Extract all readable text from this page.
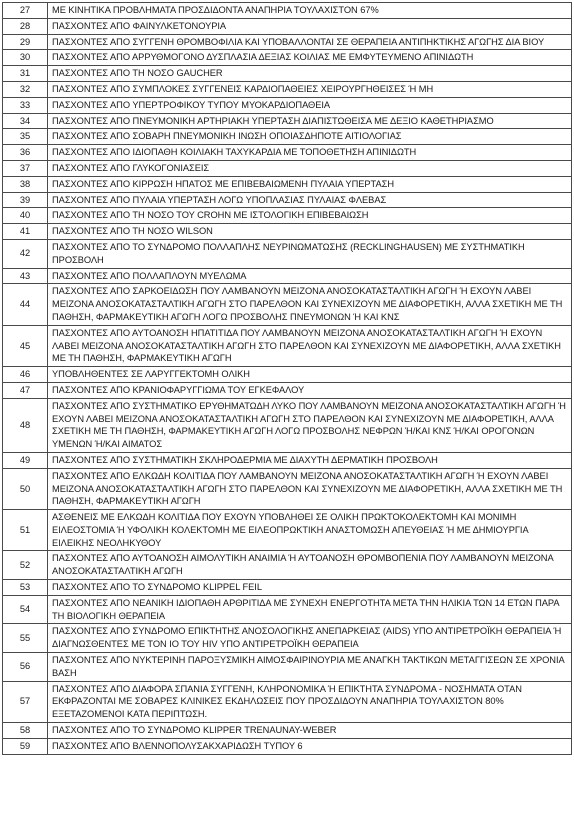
27	ΜΕ ΚΙΝΗΤΙΚΑ ΠΡΟΒΛΗΜΑΤΑ ΠΡΟΣΔΙΔΟΝΤΑ ΑΝΑΠΗΡΙΑ ΤΟΥΛΑΧΙΣΤΟΝ 67%
28	ΠΑΣΧΟΝΤΕΣ ΑΠΟ ΦΑΙΝΥΛΚΕΤΟΝΟΥΡΙΑ
29	ΠΑΣΧΟΝΤΕΣ ΑΠΟ ΣΥΓΓΕΝΗ ΘΡΟΜΒΟΦΙΛΙΑ ΚΑΙ ΥΠΟΒΑΛΛΟΝΤΑΙ ΣΕ ΘΕΡΑΠΕΙΑ ΑΝΤΙΠΗΚΤΙΚΗΣ ΑΓΩΓΗΣ ΔΙΑ ΒΙΟΥ
30	ΠΑΣΧΟΝΤΕΣ ΑΠΟ ΑΡΡΥΘΜΟΓΟΝΟ ΔΥΣΠΛΑΣΙΑ ΔΕΞΙΑΣ ΚΟΙΛΙΑΣ ΜΕ ΕΜΦΥΤΕΥΜΕΝΟ ΑΠΙΝΙΔΩΤΗ
31	ΠΑΣΧΟΝΤΕΣ ΑΠΟ ΤΗ ΝΟΣΟ GAUCHER
32	ΠΑΣΧΟΝΤΕΣ ΑΠΟ ΣΥΜΠΛΟΚΕΣ ΣΥΓΓΕΝΕΙΣ ΚΑΡΔΙΟΠΑΘΕΙΕΣ ΧΕΙΡΟΥΡΓΗΘΕΙΣΕΣ Ή ΜΗ
33	ΠΑΣΧΟΝΤΕΣ ΑΠΟ ΥΠΕΡΤΡΟΦΙΚΟΥ ΤΥΠΟΥ ΜΥΟΚΑΡΔΙΟΠΑΘΕΙΑ
34	ΠΑΣΧΟΝΤΕΣ ΑΠΟ ΠΝΕΥΜΟΝΙΚΗ ΑΡΤΗΡΙΑΚΗ ΥΠΕΡΤΑΣΗ ΔΙΑΠΙΣΤΩΘΕΙΣΑ ΜΕ ΔΕΞΙΟ ΚΑΘΕΤΗΡΙΑΣΜΟ
35	ΠΑΣΧΟΝΤΕΣ ΑΠΟ ΣΟΒΑΡΗ ΠΝΕΥΜΟΝΙΚΗ ΙΝΩΣΗ ΟΠΟΙΑΣΔΗΠΟΤΕ ΑΙΤΙΟΛΟΓΙΑΣ
36	ΠΑΣΧΟΝΤΕΣ ΑΠΟ ΙΔΙΟΠΑΘΗ ΚΟΙΛΙΑΚΗ ΤΑΧΥΚΑΡΔΙΑ ΜΕ ΤΟΠΟΘΕΤΗΣΗ ΑΠΙΝΙΔΩΤΗ
37	ΠΑΣΧΟΝΤΕΣ ΑΠΟ ΓΛΥΚΟΓΟΝΙΑΣΕΙΣ
38	ΠΑΣΧΟΝΤΕΣ ΑΠΟ ΚΙΡΡΩΣΗ ΗΠΑΤΟΣ ΜΕ ΕΠΙΒΕΒΑΙΩΜΕΝΗ ΠΥΛΑΙΑ ΥΠΕΡΤΑΣΗ
39	ΠΑΣΧΟΝΤΕΣ ΑΠΟ ΠΥΛΑΙΑ ΥΠΕΡΤΑΣΗ ΛΟΓΩ ΥΠΟΠΛΑΣΙΑΣ ΠΥΛΑΙΑΣ ΦΛΕΒΑΣ
40	ΠΑΣΧΟΝΤΕΣ ΑΠΟ ΤΗ ΝΟΣΟ ΤΟΥ CROHN ΜΕ ΙΣΤΟΛΟΓΙΚΗ ΕΠΙΒΕΒΑΙΩΣΗ
41	ΠΑΣΧΟΝΤΕΣ ΑΠΟ ΤΗ ΝΟΣΟ WILSON
42	ΠΑΣΧΟΝΤΕΣ ΑΠΟ ΤΟ ΣΥΝΔΡΟΜΟ ΠΟΛΛΑΠΛΗΣ ΝΕΥΡΙΝΩΜΑΤΩΣΗΣ (RECKLINGHAUSEN) ΜΕ ΣΥΣΤΗΜΑΤΙΚΗ ΠΡΟΣΒΟΛΗ
43	ΠΑΣΧΟΝΤΕΣ ΑΠΟ ΠΟΛΛΑΠΛΟΥΝ ΜΥΕΛΩΜΑ
44	ΠΑΣΧΟΝΤΕΣ ΑΠΟ ΣΑΡΚΟΕΙΔΩΣΗ ΠΟΥ ΛΑΜΒΑΝΟΥΝ ΜΕΙΖΟΝΑ ΑΝΟΣΟΚΑΤΑΣΤΑΛΤΙΚΗ ΑΓΩΓΗ Ή ΕΧΟΥΝ ΛΑΒΕΙ ΜΕΙΖΟΝΑ ΑΝΟΣΟΚΑΤΑΣΤΑΛΤΙΚΗ ΑΓΩΓΗ ΣΤΟ ΠΑΡΕΛΘΟΝ ΚΑΙ ΣΥΝΕΧΙΖΟΥΝ ΜΕ ΔΙΑΦΟΡΕΤΙΚΗ, ΑΛΛΑ ΣΧΕΤΙΚΗ ΜΕ ΤΗ ΠΑΘΗΣΗ, ΦΑΡΜΑΚΕΥΤΙΚΗ ΑΓΩΓΗ ΛΟΓΩ ΠΡΟΣΒΟΛΗΣ ΠΝΕΥΜΟΝΩΝ Ή ΚΑΙ ΚΝΣ
45	ΠΑΣΧΟΝΤΕΣ ΑΠΟ ΑΥΤΟΑΝΟΣΗ ΗΠΑΤΙΤΙΔΑ ΠΟΥ ΛΑΜΒΑΝΟΥΝ ΜΕΙΖΟΝΑ ΑΝΟΣΟΚΑΤΑΣΤΑΛΤΙΚΗ ΑΓΩΓΗ Ή ΕΧΟΥΝ ΛΑΒΕΙ ΜΕΙΖΟΝΑ ΑΝΟΣΟΚΑΤΑΣΤΑΛΤΙΚΗ ΑΓΩΓΗ ΣΤΟ ΠΑΡΕΛΘΟΝ ΚΑΙ ΣΥΝΕΧΙΖΟΥΝ ΜΕ ΔΙΑΦΟΡΕΤΙΚΗ, ΑΛΛΑ ΣΧΕΤΙΚΗ ΜΕ ΤΗ ΠΑΘΗΣΗ, ΦΑΡΜΑΚΕΥΤΙΚΗ ΑΓΩΓΗ
46	ΥΠΟΒΛΗΘΕΝΤΕΣ ΣΕ ΛΑΡΥΓΓΕΚΤΟΜΗ ΟΛΙΚΗ
47	ΠΑΣΧΟΝΤΕΣ ΑΠΟ ΚΡΑΝΙΟΦΑΡΥΓΓΙΩΜΑ ΤΟΥ ΕΓΚΕΦΑΛΟΥ
48	ΠΑΣΧΟΝΤΕΣ ΑΠΟ ΣΥΣΤΗΜΑΤΙΚΟ ΕΡΥΘΗΜΑΤΩΔΗ ΛΥΚΟ ΠΟΥ ΛΑΜΒΑΝΟΥΝ ΜΕΙΖΟΝΑ ΑΝΟΣΟΚΑΤΑΣΤΑΛΤΙΚΗ ΑΓΩΓΗ Ή ΕΧΟΥΝ ΛΑΒΕΙ ΜΕΙΖΟΝΑ ΑΝΟΣΟΚΑΤΑΣΤΑΛΤΙΚΗ ΑΓΩΓΗ ΣΤΟ ΠΑΡΕΛΘΟΝ ΚΑΙ ΣΥΝΕΧΙΖΟΥΝ ΜΕ ΔΙΑΦΟΡΕΤΙΚΗ, ΑΛΛΑ ΣΧΕΤΙΚΗ ΜΕ ΤΗ ΠΑΘΗΣΗ, ΦΑΡΜΑΚΕΥΤΙΚΗ ΑΓΩΓΗ ΛΟΓΩ ΠΡΟΣΒΟΛΗΣ ΝΕΦΡΩΝ Ή/ΚΑΙ ΚΝΣ Ή/ΚΑΙ ΟΡΟΓΟΝΩΝ ΥΜΕΝΩΝ Ή/ΚΑΙ ΑΙΜΑΤΟΣ
49	ΠΑΣΧΟΝΤΕΣ ΑΠΟ ΣΥΣΤΗΜΑΤΙΚΗ ΣΚΛΗΡΟΔΕΡΜΙΑ ΜΕ ΔΙΑΧΥΤΗ ΔΕΡΜΑΤΙΚΗ ΠΡΟΣΒΟΛΗ
50	ΠΑΣΧΟΝΤΕΣ ΑΠΟ ΕΛΚΩΔΗ ΚΟΛΙΤΙΔΑ ΠΟΥ ΛΑΜΒΑΝΟΥΝ ΜΕΙΖΟΝΑ ΑΝΟΣΟΚΑΤΑΣΤΑΛΤΙΚΗ ΑΓΩΓΗ Ή ΕΧΟΥΝ ΛΑΒΕΙ ΜΕΙΖΟΝΑ ΑΝΟΣΟΚΑΤΑΣΤΑΛΤΙΚΗ ΑΓΩΓΗ ΣΤΟ ΠΑΡΕΛΘΟΝ ΚΑΙ ΣΥΝΕΧΙΖΟΥΝ ΜΕ ΔΙΑΦΟΡΕΤΙΚΗ, ΑΛΛΑ ΣΧΕΤΙΚΗ ΜΕ ΤΗ ΠΑΘΗΣΗ, ΦΑΡΜΑΚΕΥΤΙΚΗ ΑΓΩΓΗ
51	ΑΣΘΕΝΕΙΣ ΜΕ ΕΛΚΩΔΗ ΚΟΛΙΤΙΔΑ ΠΟΥ ΕΧΟΥΝ ΥΠΟΒΛΗΘΕΙ ΣΕ ΟΛΙΚΗ ΠΡΩΚΤΟΚΟΛΕΚΤΟΜΗ ΚΑΙ ΜΟΝΙΜΗ ΕΙΛΕΟΣΤΟΜΙΑ Ή ΥΦΟΛΙΚΗ ΚΟΛΕΚΤΟΜΗ ΜΕ ΕΙΛΕΟΠΡΩΚΤΙΚΗ ΑΝΑΣΤΟΜΩΣΗ ΑΠΕΥΘΕΙΑΣ Ή ΜΕ ΔΗΜΙΟΥΡΓΙΑ ΕΙΛΕΙΚΗΣ ΝΕΟΛΗΚΥΘΟΥ
52	ΠΑΣΧΟΝΤΕΣ ΑΠΟ ΑΥΤΟΑΝΟΣΗ ΑΙΜΟΛΥΤΙΚΗ ΑΝΑΙΜΙΑ Ή ΑΥΤΟΑΝΟΣΗ ΘΡΟΜΒΟΠΕΝΙΑ ΠΟΥ ΛΑΜΒΑΝΟΥΝ ΜΕΙΖΟΝΑ ΑΝΟΣΟΚΑΤΑΣΤΑΛΤΙΚΗ ΑΓΩΓΗ
53	ΠΑΣΧΟΝΤΕΣ ΑΠΟ ΤΟ ΣΥΝΔΡΟΜΟ KLIPPEL FEIL
54	ΠΑΣΧΟΝΤΕΣ ΑΠΟ ΝΕΑΝΙΚΗ ΙΔΙΟΠΑΘΗ ΑΡΘΡΙΤΙΔΑ ΜΕ ΣΥΝΕΧΗ ΕΝΕΡΓΟΤΗΤΑ ΜΕΤΑ ΤΗΝ ΗΛΙΚΙΑ ΤΩΝ 14 ΕΤΩΝ ΠΑΡΑ ΤΗ ΒΙΟΛΟΓΙΚΗ ΘΕΡΑΠΕΙΑ
55	ΠΑΣΧΟΝΤΕΣ ΑΠΟ ΣΥΝΔΡΟΜΟ ΕΠΙΚΤΗΤΗΣ ΑΝΟΣΟΛΟΓΙΚΗΣ ΑΝΕΠΑΡΚΕΙΑΣ (AIDS) ΥΠΟ ΑΝΤΙΡΕΤΡΟΪΚΗ ΘΕΡΑΠΕΙΑ Ή ΔΙΑΓΝΩΣΘΕΝΤΕΣ ΜΕ ΤΟΝ ΙΟ ΤΟΥ HIV ΥΠΟ ΑΝΤΙΡΕΤΡΟΪΚΗ ΘΕΡΑΠΕΙΑ
56	ΠΑΣΧΟΝΤΕΣ ΑΠΟ ΝΥΚΤΕΡΙΝΗ ΠΑΡΟΞΥΣΜΙΚΗ ΑΙΜΟΣΦΑΙΡΙΝΟΥΡΙΑ ΜΕ ΑΝΑΓΚΗ ΤΑΚΤΙΚΩΝ ΜΕΤΑΓΓΙΣΕΩΝ ΣΕ ΧΡΟΝΙΑ ΒΑΣΗ
57	ΠΑΣΧΟΝΤΕΣ ΑΠΟ ΔΙΑΦΟΡΑ ΣΠΑΝΙΑ ΣΥΓΓΕΝΗ, ΚΛΗΡΟΝΟΜΙΚΑ Ή ΕΠΙΚΤΗΤΑ ΣΥΝΔΡΟΜΑ - ΝΟΣΗΜΑΤΑ ΟΤΑΝ ΕΚΦΡΑΖΟΝΤΑΙ ΜΕ ΣΟΒΑΡΕΣ ΚΛΙΝΙΚΕΣ ΕΚΔΗΛΩΣΕΙΣ ΠΟΥ ΠΡΟΣΔΙΔΟΥΝ ΑΝΑΠΗΡΙΑ ΤΟΥΛΑΧΙΣΤΟΝ 80% ΕΞΕΤΑΖΟΜΕΝΟΙ ΚΑΤΑ ΠΕΡΙΠΤΩΣΗ.
58	ΠΑΣΧΟΝΤΕΣ ΑΠΟ ΤΟ ΣΥΝΔΡΟΜΟ KLIPPER TRENAUNAY-WEBER
59	ΠΑΣΧΟΝΤΕΣ ΑΠΟ ΒΛΕΝΝΟΠΟΛΥΣΑΚΧΑΡΙΔΩΣΗ ΤΥΠΟΥ 6
